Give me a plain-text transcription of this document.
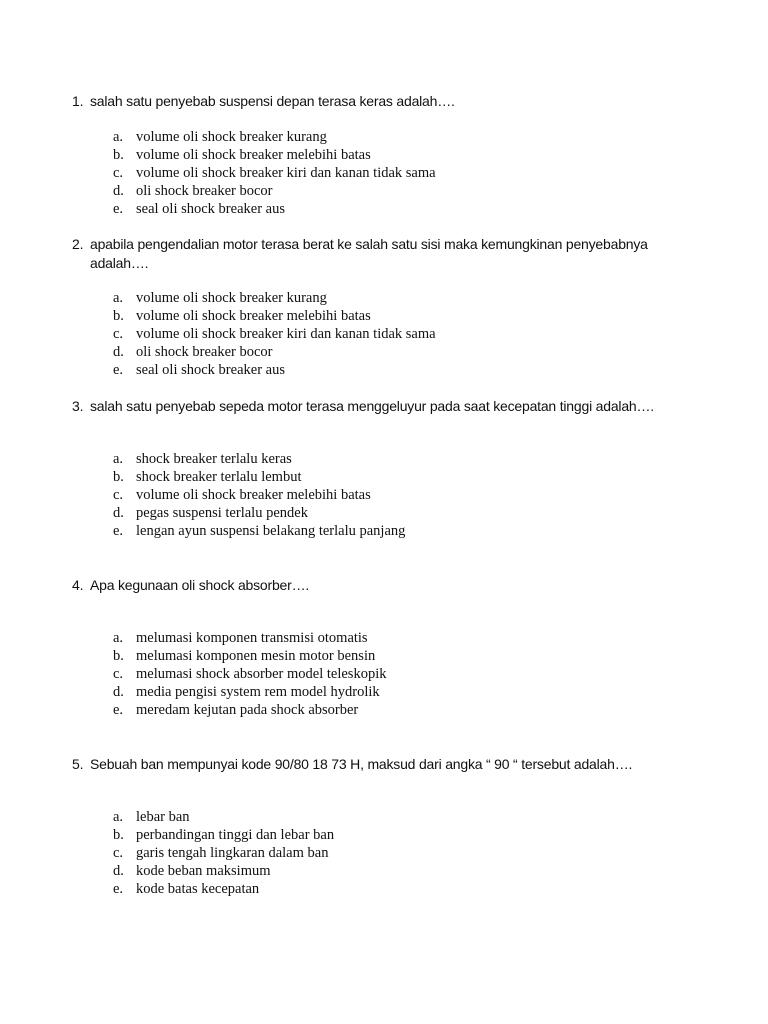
1. salah satu penyebab suspensi depan terasa keras adalah….
a. volume oli shock breaker kurang
b. volume oli shock breaker melebihi batas
c. volume oli shock breaker kiri dan kanan tidak sama
d. oli shock breaker bocor
e. seal oli shock breaker aus
2. apabila pengendalian motor terasa berat ke salah satu sisi maka kemungkinan penyebabnya
adalah….
a. volume oli shock breaker kurang
b. volume oli shock breaker melebihi batas
c. volume oli shock breaker kiri dan kanan tidak sama
d. oli shock breaker bocor
e. seal oli shock breaker aus
3. salah satu penyebab sepeda motor terasa menggeluyur pada saat kecepatan tinggi adalah….
a. shock breaker terlalu keras
b. shock breaker terlalu lembut
c. volume oli shock breaker melebihi batas
d. pegas suspensi terlalu pendek
e. lengan ayun suspensi belakang terlalu panjang
4. Apa kegunaan oli shock absorber….
a. melumasi komponen transmisi otomatis
b. melumasi komponen mesin motor bensin
c. melumasi shock absorber model teleskopik
d. media pengisi system rem model hydrolik
e. meredam kejutan pada shock absorber
5. Sebuah ban mempunyai kode 90/80 18 73 H, maksud dari angka “ 90 “ tersebut adalah….
a. lebar ban
b. perbandingan tinggi dan lebar ban
c. garis tengah lingkaran dalam ban
d. kode beban maksimum
e. kode batas kecepatan
